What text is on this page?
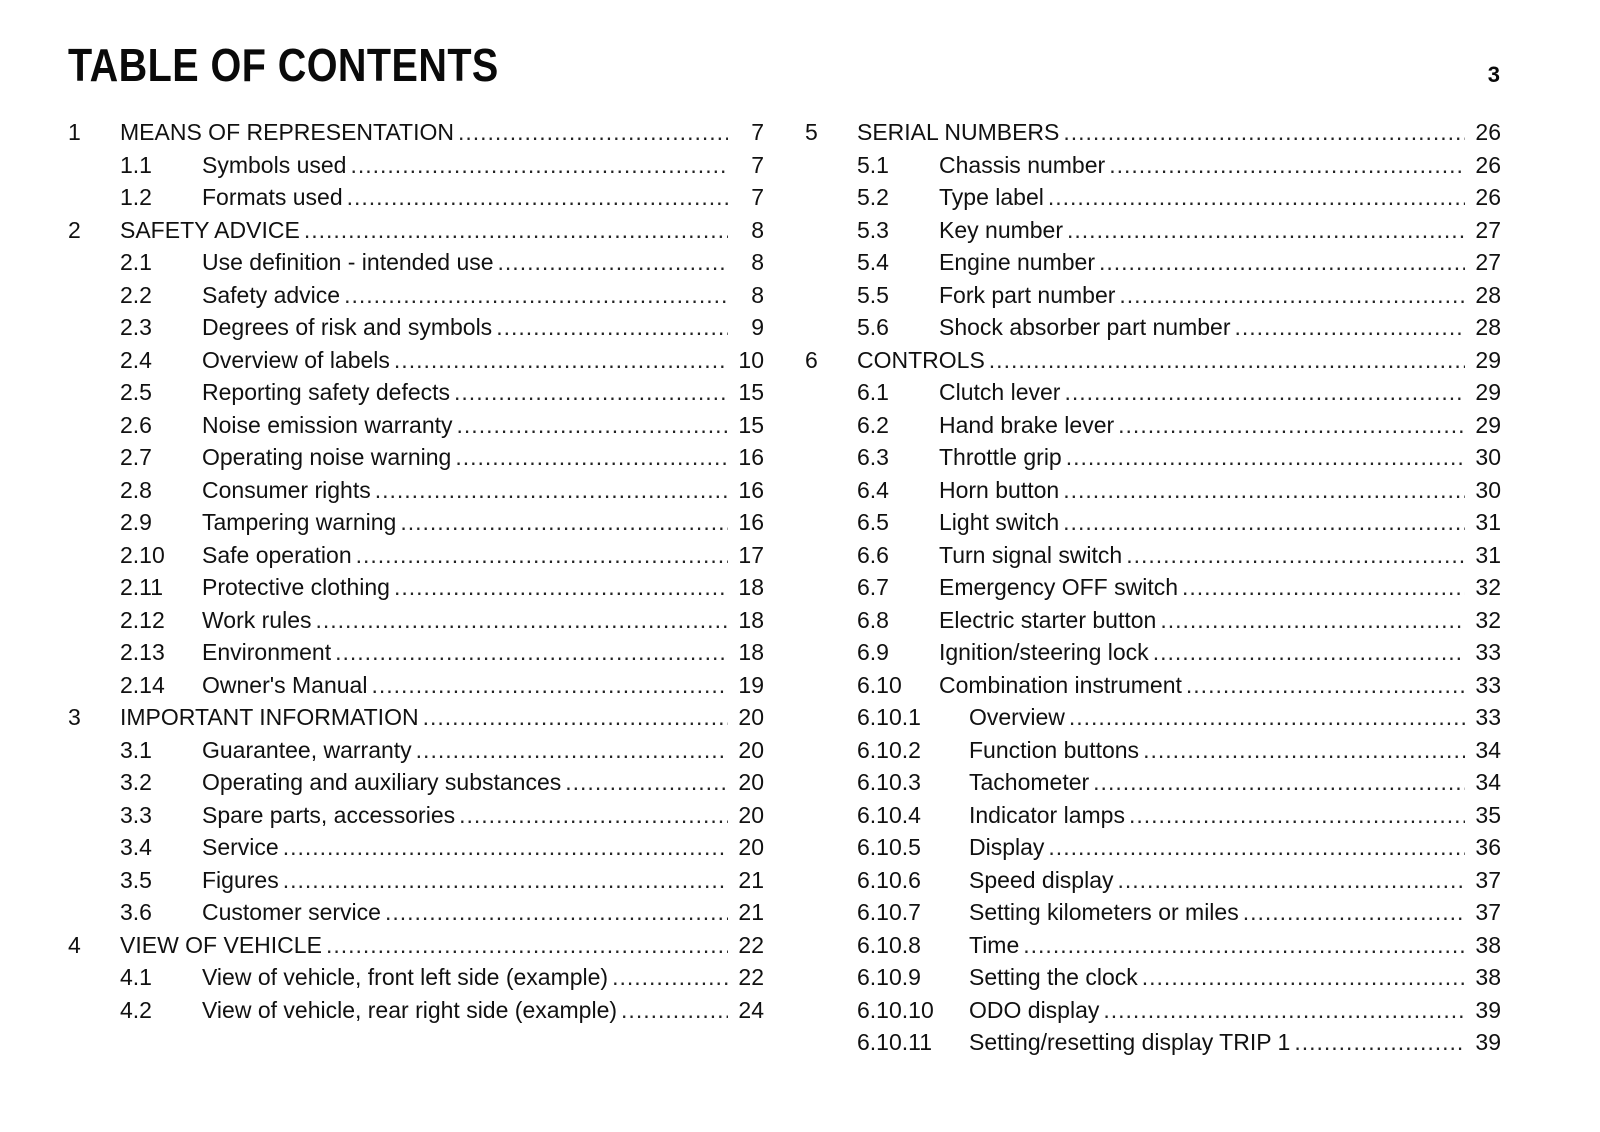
TABLE OF CONTENTS	3
1 MEANS OF REPRESENTATION .....	7
1.1 Symbols used .....	7
1.2 Formats used .....	7
2 SAFETY ADVICE .....	8
2.1 Use definition - intended use .....	8
2.2 Safety advice .....	8
2.3 Degrees of risk and symbols .....	9
2.4 Overview of labels .....	10
2.5 Reporting safety defects .....	15
2.6 Noise emission warranty .....	15
2.7 Operating noise warning .....	16
2.8 Consumer rights .....	16
2.9 Tampering warning .....	16
2.10 Safe operation .....	17
2.11 Protective clothing .....	18
2.12 Work rules .....	18
2.13 Environment .....	18
2.14 Owner's Manual .....	19
3 IMPORTANT INFORMATION .....	20
3.1 Guarantee, warranty .....	20
3.2 Operating and auxiliary substances .....	20
3.3 Spare parts, accessories .....	20
3.4 Service .....	20
3.5 Figures .....	21
3.6 Customer service .....	21
4 VIEW OF VEHICLE .....	22
4.1 View of vehicle, front left side (example) .....	22
4.2 View of vehicle, rear right side (example) .....	24
5 SERIAL NUMBERS .....	26
5.1 Chassis number .....	26
5.2 Type label .....	26
5.3 Key number .....	27
5.4 Engine number .....	27
5.5 Fork part number .....	28
5.6 Shock absorber part number .....	28
6 CONTROLS .....	29
6.1 Clutch lever .....	29
6.2 Hand brake lever .....	29
6.3 Throttle grip .....	30
6.4 Horn button .....	30
6.5 Light switch .....	31
6.6 Turn signal switch .....	31
6.7 Emergency OFF switch .....	32
6.8 Electric starter button .....	32
6.9 Ignition/steering lock .....	33
6.10 Combination instrument .....	33
6.10.1 Overview .....	33
6.10.2 Function buttons .....	34
6.10.3 Tachometer .....	34
6.10.4 Indicator lamps .....	35
6.10.5 Display .....	36
6.10.6 Speed display .....	37
6.10.7 Setting kilometers or miles .....	37
6.10.8 Time .....	38
6.10.9 Setting the clock .....	38
6.10.10 ODO display .....	39
6.10.11 Setting/resetting display TRIP 1 .....	39
